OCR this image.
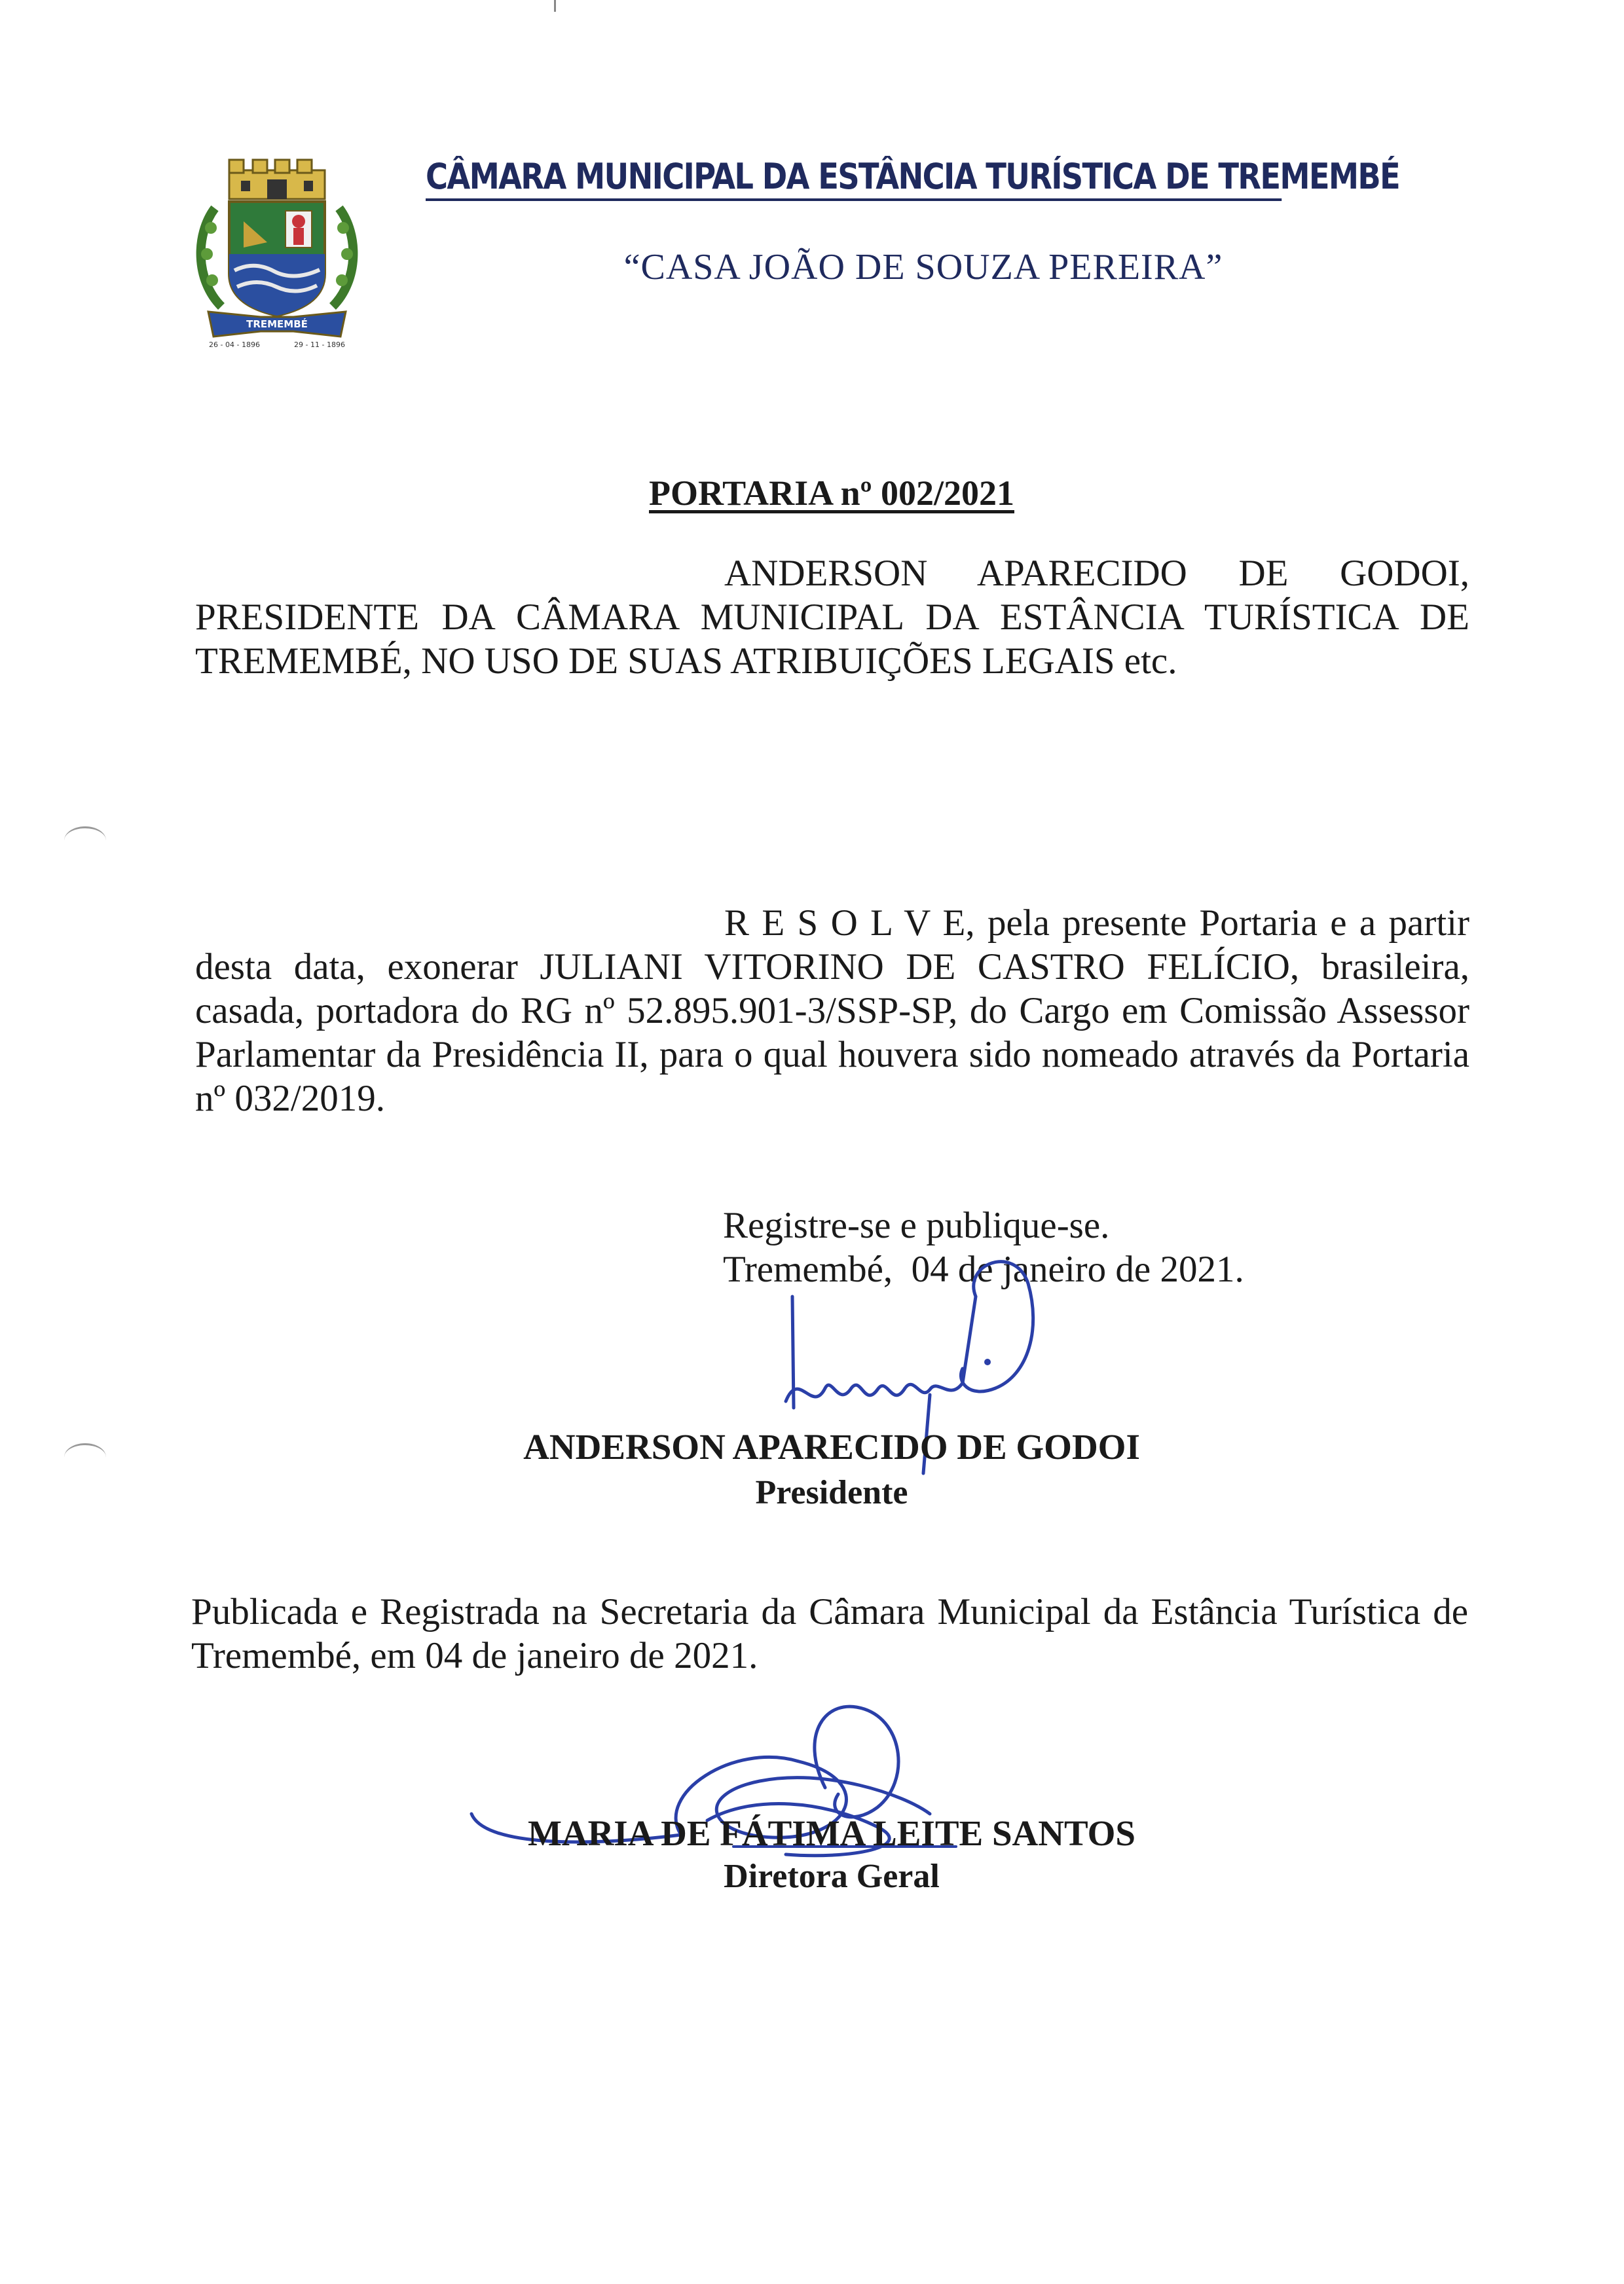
TREMEMBÉ
26 - 04 - 1896	29 - 11 - 1896
CÂMARA MUNICIPAL DA ESTÂNCIA TURÍSTICA DE TREMEMBÉ
“CASA JOÃO DE SOUZA PEREIRA”
PORTARIA nº 002/2021
ANDERSON APARECIDO DE GODOI, PRESIDENTE DA CÂMARA MUNICIPAL DA ESTÂNCIA TURÍSTICA DE TREMEMBÉ, NO USO DE SUAS ATRIBUIÇÕES LEGAIS etc.
R E S O L V E, pela presente Portaria e a partir desta data, exonerar JULIANI VITORINO DE CASTRO FELÍCIO, brasileira, casada, portadora do RG nº 52.895.901-3/SSP-SP, do Cargo em Comissão Assessor Parlamentar da Presidência II, para o qual houvera sido nomeado através da Portaria nº 032/2019.
Registre-se e publique-se.
Tremembé,  04 de janeiro de 2021.
ANDERSON APARECIDO DE GODOI
Presidente
Publicada e Registrada na Secretaria da Câmara Municipal da Estância Turística de Tremembé, em 04 de janeiro de 2021.
MARIA DE FÁTIMA LEITE SANTOS
Diretora Geral
